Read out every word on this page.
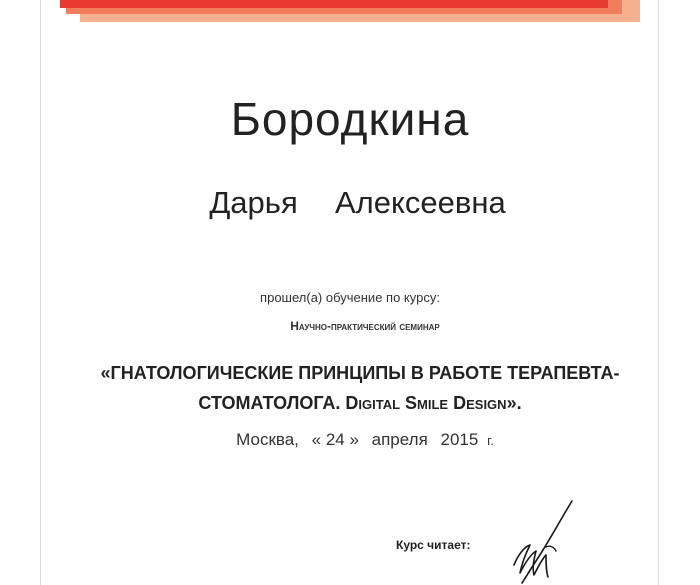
Бородкина
Дарья  Алексеевна
прошел(а) обучение по курсу:
Научно-практический семинар
«ГНАТОЛОГИЧЕСКИЕ ПРИНЦИПЫ В РАБОТЕ ТЕРАПЕВТА-
СТОМАТОЛОГА. Digital Smile Design».
Москва, « 24 » апреля 2015 г.
Курс читает:
